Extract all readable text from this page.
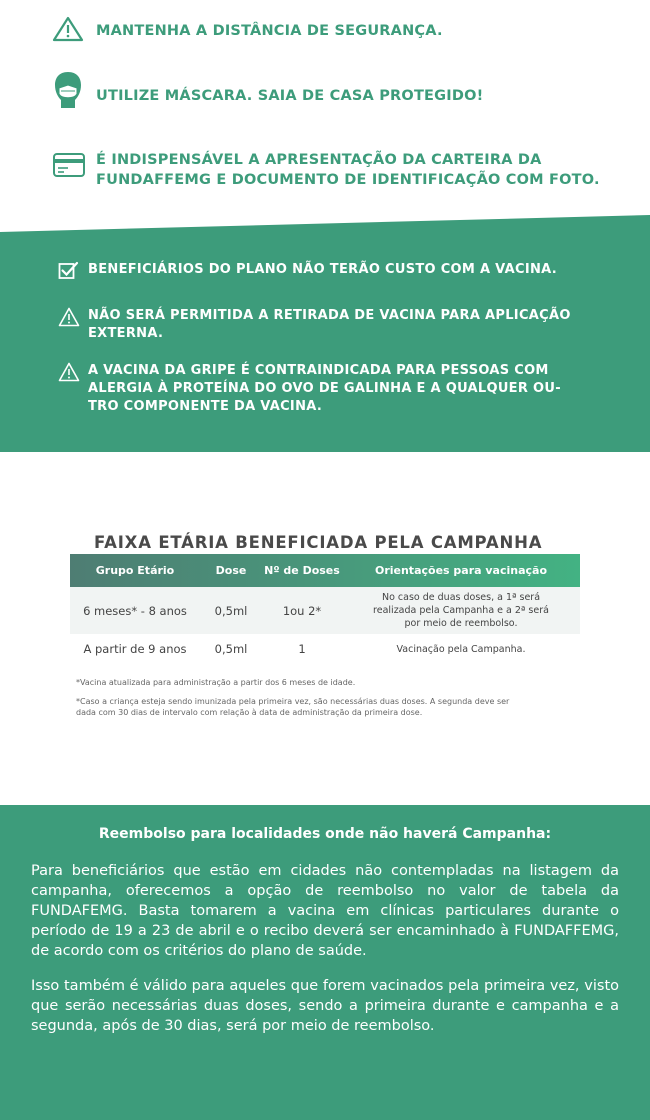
MANTENHA A DISTÂNCIA DE SEGURANÇA.
UTILIZE MÁSCARA. SAIA DE CASA PROTEGIDO!
É INDISPENSÁVEL A APRESENTAÇÃO DA CARTEIRA DA
FUNDAFFEMG E DOCUMENTO DE IDENTIFICAÇÃO COM FOTO.
BENEFICIÁRIOS DO PLANO NÃO TERÃO CUSTO COM A VACINA.
NÃO SERÁ PERMITIDA A RETIRADA DE VACINA PARA APLICAÇÃO
EXTERNA.
A VACINA DA GRIPE É CONTRAINDICADA PARA PESSOAS COM
ALERGIA À PROTEÍNA DO OVO DE GALINHA E A QUALQUER OU-
TRO COMPONENTE DA VACINA.
FAIXA ETÁRIA BENEFICIADA PELA CAMPANHA
Grupo Etário	Dose	Nº de Doses	Orientações para vacinação
6 meses* - 8 anos	0,5ml	1ou 2*	No caso de duas doses, a 1ª será
realizada pela Campanha e a 2ª será
por meio de reembolso.

A partir de 9 anos	0,5ml	1	Vacinação pela Campanha.
*Vacina atualizada para administração a partir dos 6 meses de idade.
*Caso a criança esteja sendo imunizada pela primeira vez, são necessárias duas doses. A segunda deve ser
dada com 30 dias de intervalo com relação à data de administração da primeira dose.
Reembolso para localidades onde não haverá Campanha:

Para beneficiários que estão em cidades não contempladas na listagem da campanha, oferecemos a opção de reembolso no valor de tabela da FUNDAFEMG. Basta tomarem a vacina em clínicas particulares durante o período de 19 a 23 de abril e o recibo deverá ser encaminhado à FUNDAFFEMG, de acordo com os critérios do plano de saúde.

Isso também é válido para aqueles que forem vacinados pela primeira vez, visto que serão necessárias duas doses, sendo a primeira durante e campanha e a segunda, após de 30 dias, será por meio de reembolso.
